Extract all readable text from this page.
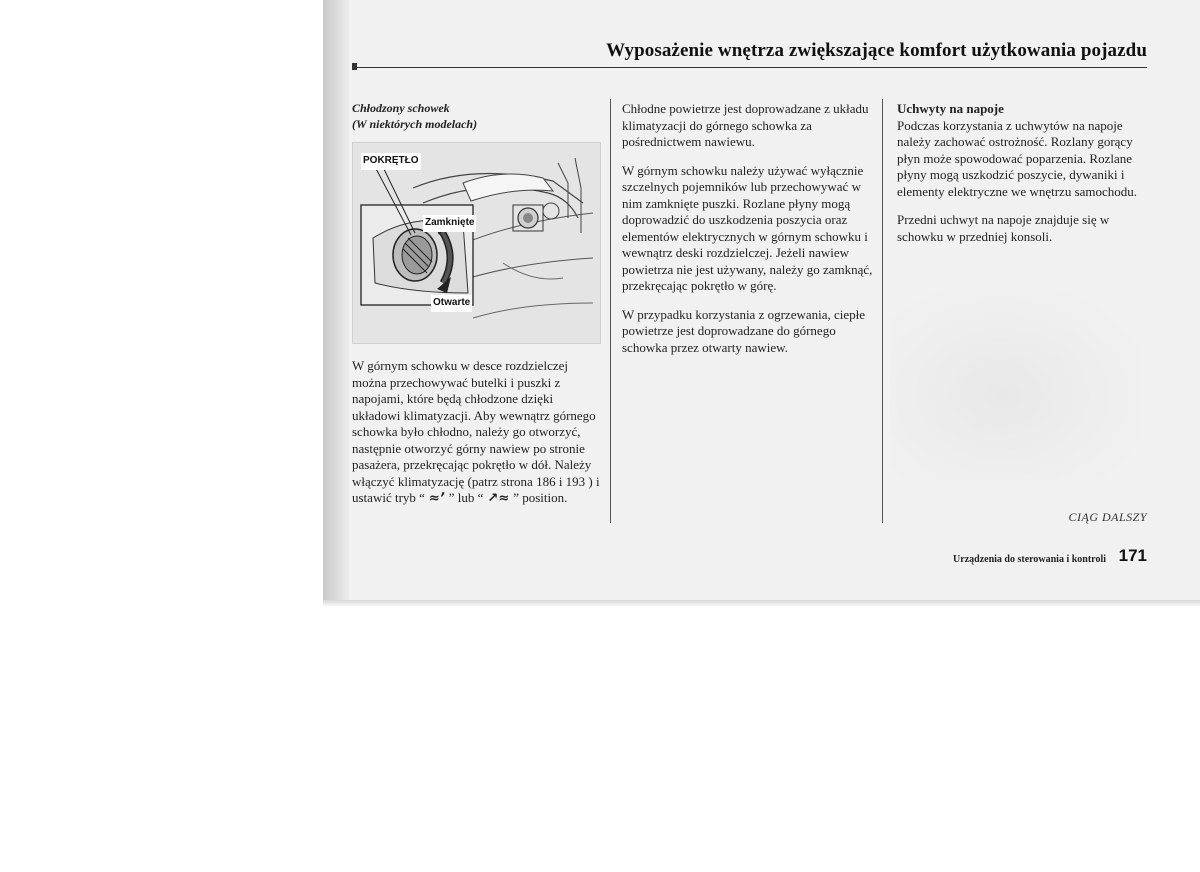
Wyposażenie wnętrza zwiększające komfort użytkowania pojazdu
Chłodzony schowek
(W niektórych modelach)
POKRĘTŁO
Zamknięte
Otwarte

W górnym schowku w desce rozdzielczej można przechowywać butelki i puszki z napojami, które będą chłodzone dzięki układowi klimatyzacji. Aby wewnątrz górnego schowka było chłodno, należy go otworzyć, następnie otworzyć górny nawiew po stronie pasażera, przekręcając pokrętło w dół. Należy włączyć klimatyzację (patrz strona 186 i 193 ) i ustawić tryb “ ≈ʼ ” lub “ ↗≈ ” position.

Chłodne powietrze jest doprowadzane z układu klimatyzacji do górnego schowka za pośrednictwem nawiewu.

W górnym schowku należy używać wyłącznie szczelnych pojemników lub przechowywać w nim zamknięte puszki. Rozlane płyny mogą doprowadzić do uszkodzenia poszycia oraz elementów elektrycznych w górnym schowku i wewnątrz deski rozdzielczej. Jeżeli nawiew powietrza nie jest używany, należy go zamknąć, przekręcając pokrętło w górę.

W przypadku korzystania z ogrzewania, ciepłe powietrze jest doprowadzane do górnego schowka przez otwarty nawiew.

Uchwyty na napoje

Podczas korzystania z uchwytów na napoje należy zachować ostrożność. Rozlany gorący płyn może spowodować poparzenia. Rozlane płyny mogą uszkodzić poszycie, dywaniki i elementy elektryczne we wnętrzu samochodu.

Przedni uchwyt na napoje znajduje się w schowku w przedniej konsoli.

CIĄG DALSZY
Urządzenia do sterowania i kontroli 171
